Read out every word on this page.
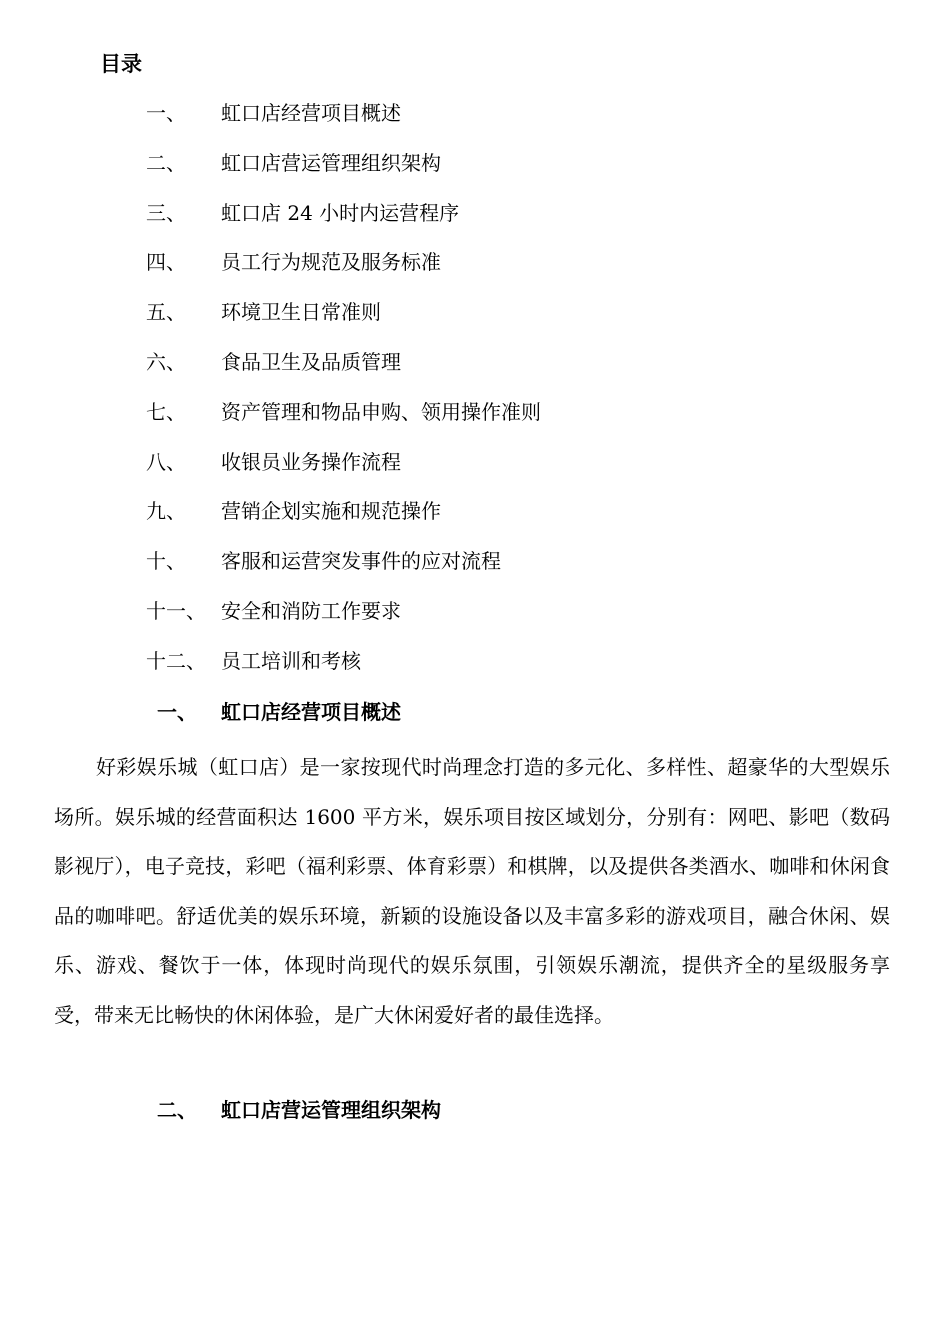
目录
一、 虹口店经营项目概述
二、 虹口店营运管理组织架构
三、 虹口店 24 小时内运营程序
四、 员工行为规范及服务标准
五、 环境卫生日常准则
六、 食品卫生及品质管理
七、 资产管理和物品申购、领用操作准则
八、 收银员业务操作流程
九、 营销企划实施和规范操作
十、 客服和运营突发事件的应对流程
十一、 安全和消防工作要求
十二、 员工培训和考核
一、 虹口店经营项目概述

好彩娱乐城（虹口店）是一家按现代时尚理念打造的多元化、多样性、超豪华的大型娱乐场所。娱乐城的经营面积达 1600 平方米，娱乐项目按区域划分，分别有：网吧、影吧（数码影视厅），电子竞技，彩吧（福利彩票、体育彩票）和棋牌，以及提供各类酒水、咖啡和休闲食品的咖啡吧。舒适优美的娱乐环境，新颖的设施设备以及丰富多彩的游戏项目，融合休闲、娱乐、游戏、餐饮于一体，体现时尚现代的娱乐氛围，引领娱乐潮流，提供齐全的星级服务享受，带来无比畅快的休闲体验，是广大休闲爱好者的最佳选择。

二、 虹口店营运管理组织架构
